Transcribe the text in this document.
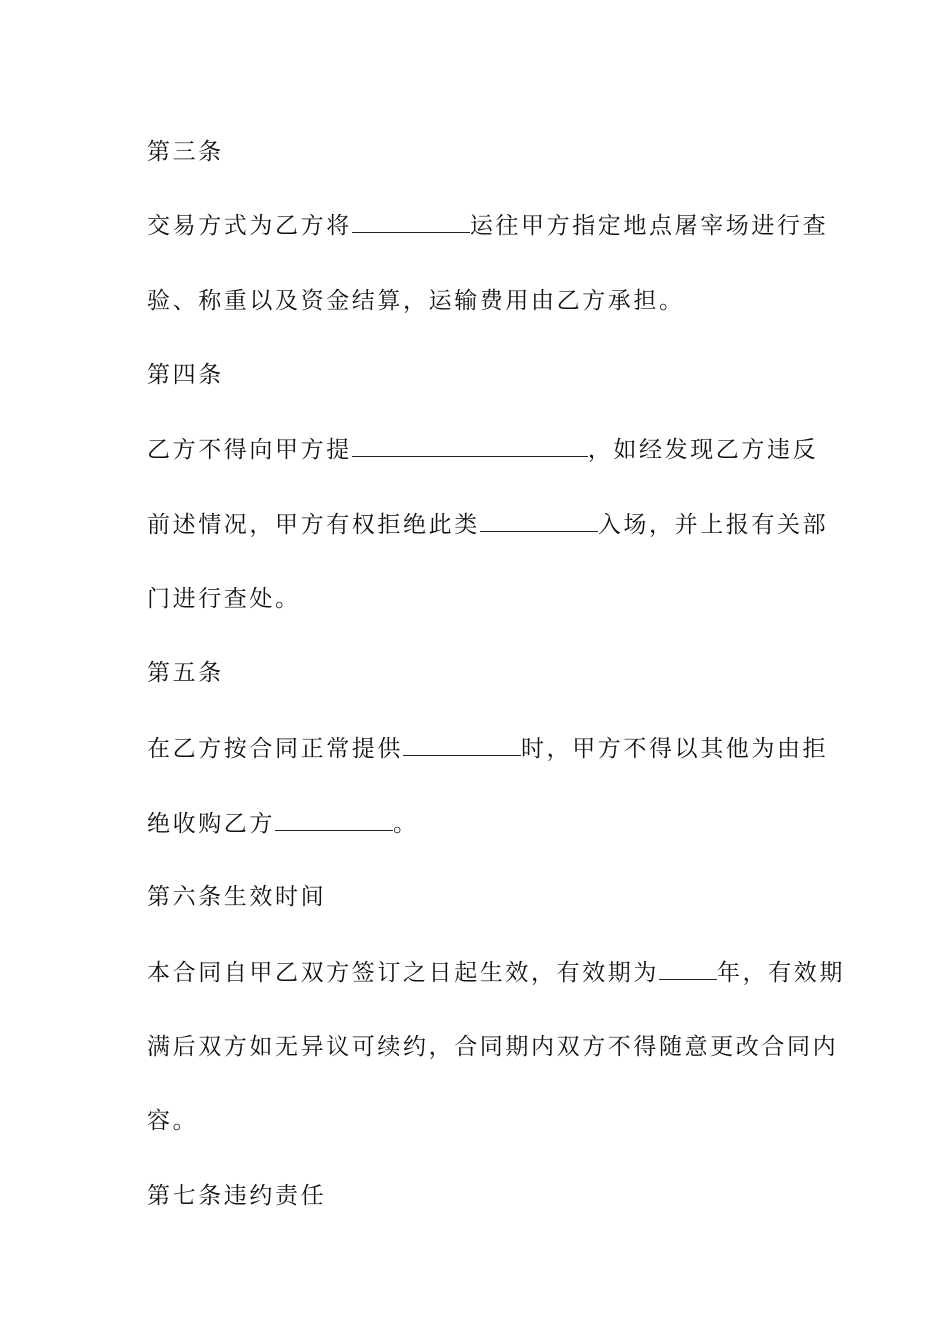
第三条
交易方式为乙方将	运往甲方指定地点屠宰场进行查
验、称重以及资金结算，运输费用由乙方承担。
第四条
乙方不得向甲方提	，如经发现乙方违反
前述情况，甲方有权拒绝此类	入场，并上报有关部
门进行查处。
第五条
在乙方按合同正常提供	时，甲方不得以其他为由拒
绝收购乙方	。
第六条生效时间
本合同自甲乙双方签订之日起生效，有效期为	年，有效期
满后双方如无异议可续约，合同期内双方不得随意更改合同内
容。
第七条违约责任
